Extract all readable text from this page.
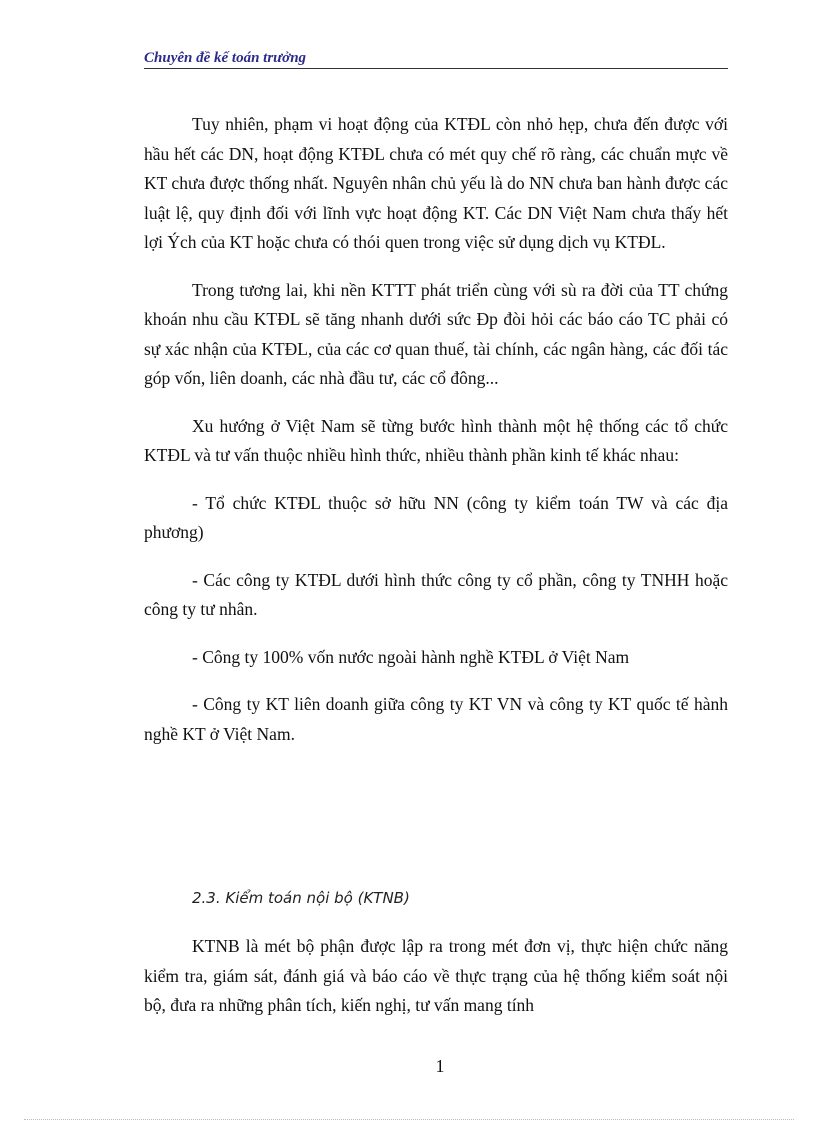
Chuyên đề kế toán trưởng

Tuy nhiên, phạm vi hoạt động của KTĐL còn nhỏ hẹp, chưa đến được với hầu hết các DN, hoạt động KTĐL chưa có mét quy chế rõ ràng, các chuẩn mực về KT chưa được thống nhất. Nguyên nhân chủ yếu là do NN chưa ban hành được các luật lệ, quy định đối với lĩnh vực hoạt động KT. Các DN Việt Nam chưa thấy hết lợi Ých của KT hoặc chưa có thói quen trong việc sử dụng dịch vụ KTĐL.

Trong tương lai, khi nền KTTT phát triển cùng với sù ra đời của TT chứng khoán nhu cầu KTĐL sẽ tăng nhanh dưới sức Ðp đòi hỏi các báo cáo TC phải có sự xác nhận của KTĐL, của các cơ quan thuế, tài chính, các ngân hàng, các đối tác góp vốn, liên doanh, các nhà đầu tư, các cổ đông...

Xu hướng ở Việt Nam sẽ từng bước hình thành một hệ thống các tổ chức KTĐL và tư vấn thuộc nhiều hình thức, nhiều thành phần kinh tế khác nhau:

- Tổ chức KTĐL thuộc sở hữu NN (công ty kiểm toán TW và các địa phương)

- Các công ty KTĐL dưới hình thức công ty cổ phần, công ty TNHH hoặc công ty tư nhân.

- Công ty 100% vốn nước ngoài hành nghề KTĐL ở Việt Nam

- Công ty KT liên doanh giữa công ty KT VN và công ty KT quốc tế hành nghề KT ở Việt Nam.

2.3. Kiểm toán nội bộ (KTNB)

KTNB là mét bộ phận được lập ra trong mét đơn vị, thực hiện chức năng kiểm tra, giám sát, đánh giá và báo cáo về thực trạng của hệ thống kiểm soát nội bộ, đưa ra những phân tích, kiến nghị, tư vấn mang tính

1
